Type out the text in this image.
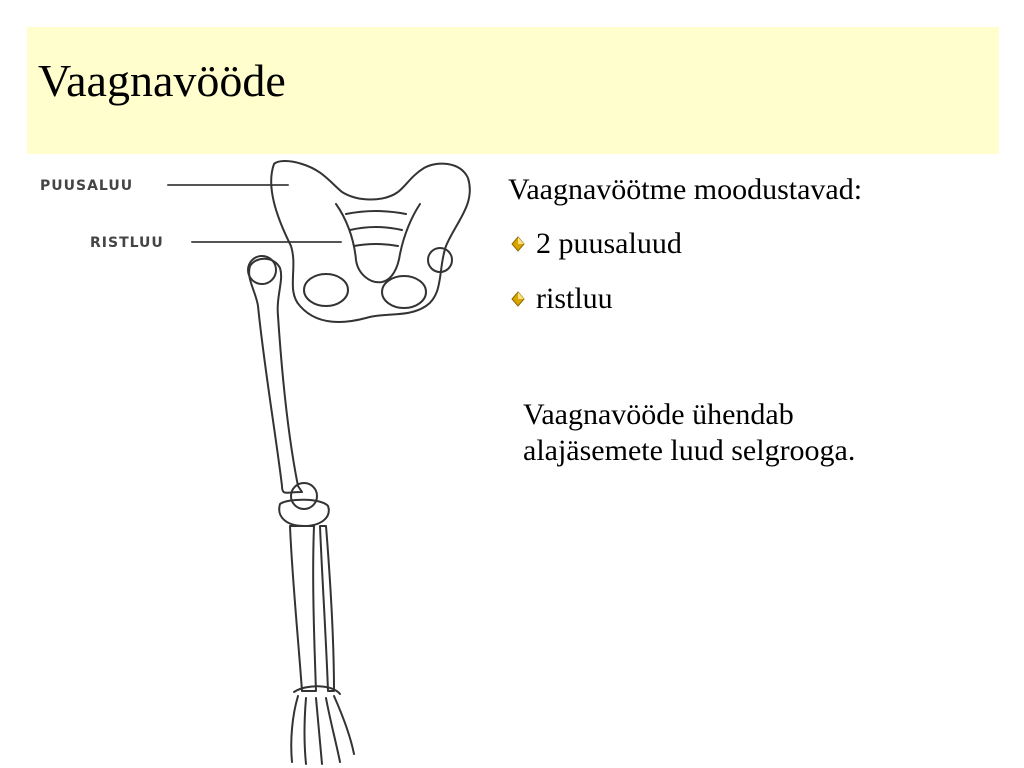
Vaagnavööde
PUUSALUU
RISTLUU

Vaagnavöötme moodustavad:

2 puusaluud
ristluu

Vaagnavööde ühendab
alajäsemete luud selgrooga.
